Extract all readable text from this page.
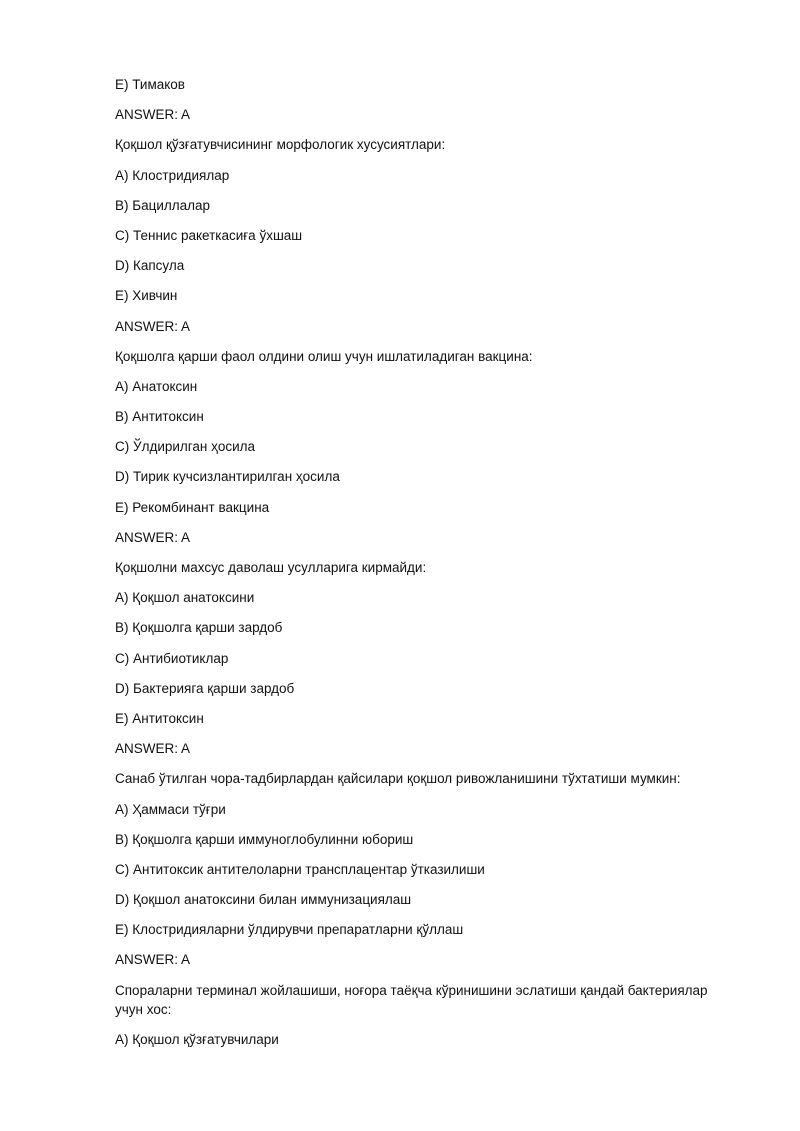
E) Тимаков
ANSWER: A
Қоқшол қўзғатувчисининг морфологик хусусиятлари:
A) Клостридиялар
B) Бациллалар
C) Теннис ракеткасиға ўхшаш
D) Капсула
E) Хивчин
ANSWER: A
Қоқшолга қарши фаол олдини олиш учун ишлатиладиган вакцина:
A) Анатоксин
B) Антитоксин
C) Ўлдирилган ҳосила
D) Тирик кучсизлантирилган ҳосила
E) Рекомбинант вакцина
ANSWER: A
Қоқшолни махсус даволаш усулларига кирмайди:
A) Қоқшол анатоксини
B) Қоқшолга қарши зардоб
C) Антибиотиклар
D) Бактерияга қарши зардоб
E) Антитоксин
ANSWER: A
Санаб ўтилган чора-тадбирлардан қайсилари қоқшол ривожланишини тўхтатиши мумкин:
A) Ҳаммаси тўғри
B) Қоқшолга қарши иммуноглобулинни юбориш
C) Антитоксик антителоларни трансплацентар ўтказилиши
D) Қоқшол анатоксини билан иммунизациялаш
E) Клостридияларни ўлдирувчи препаратларни қўллаш
ANSWER: A
Спораларни терминал жойлашиши, ноғора таёқча кўринишини эслатиши қандай бактериялар учун хос:
A) Қоқшол қўзғатувчилари
